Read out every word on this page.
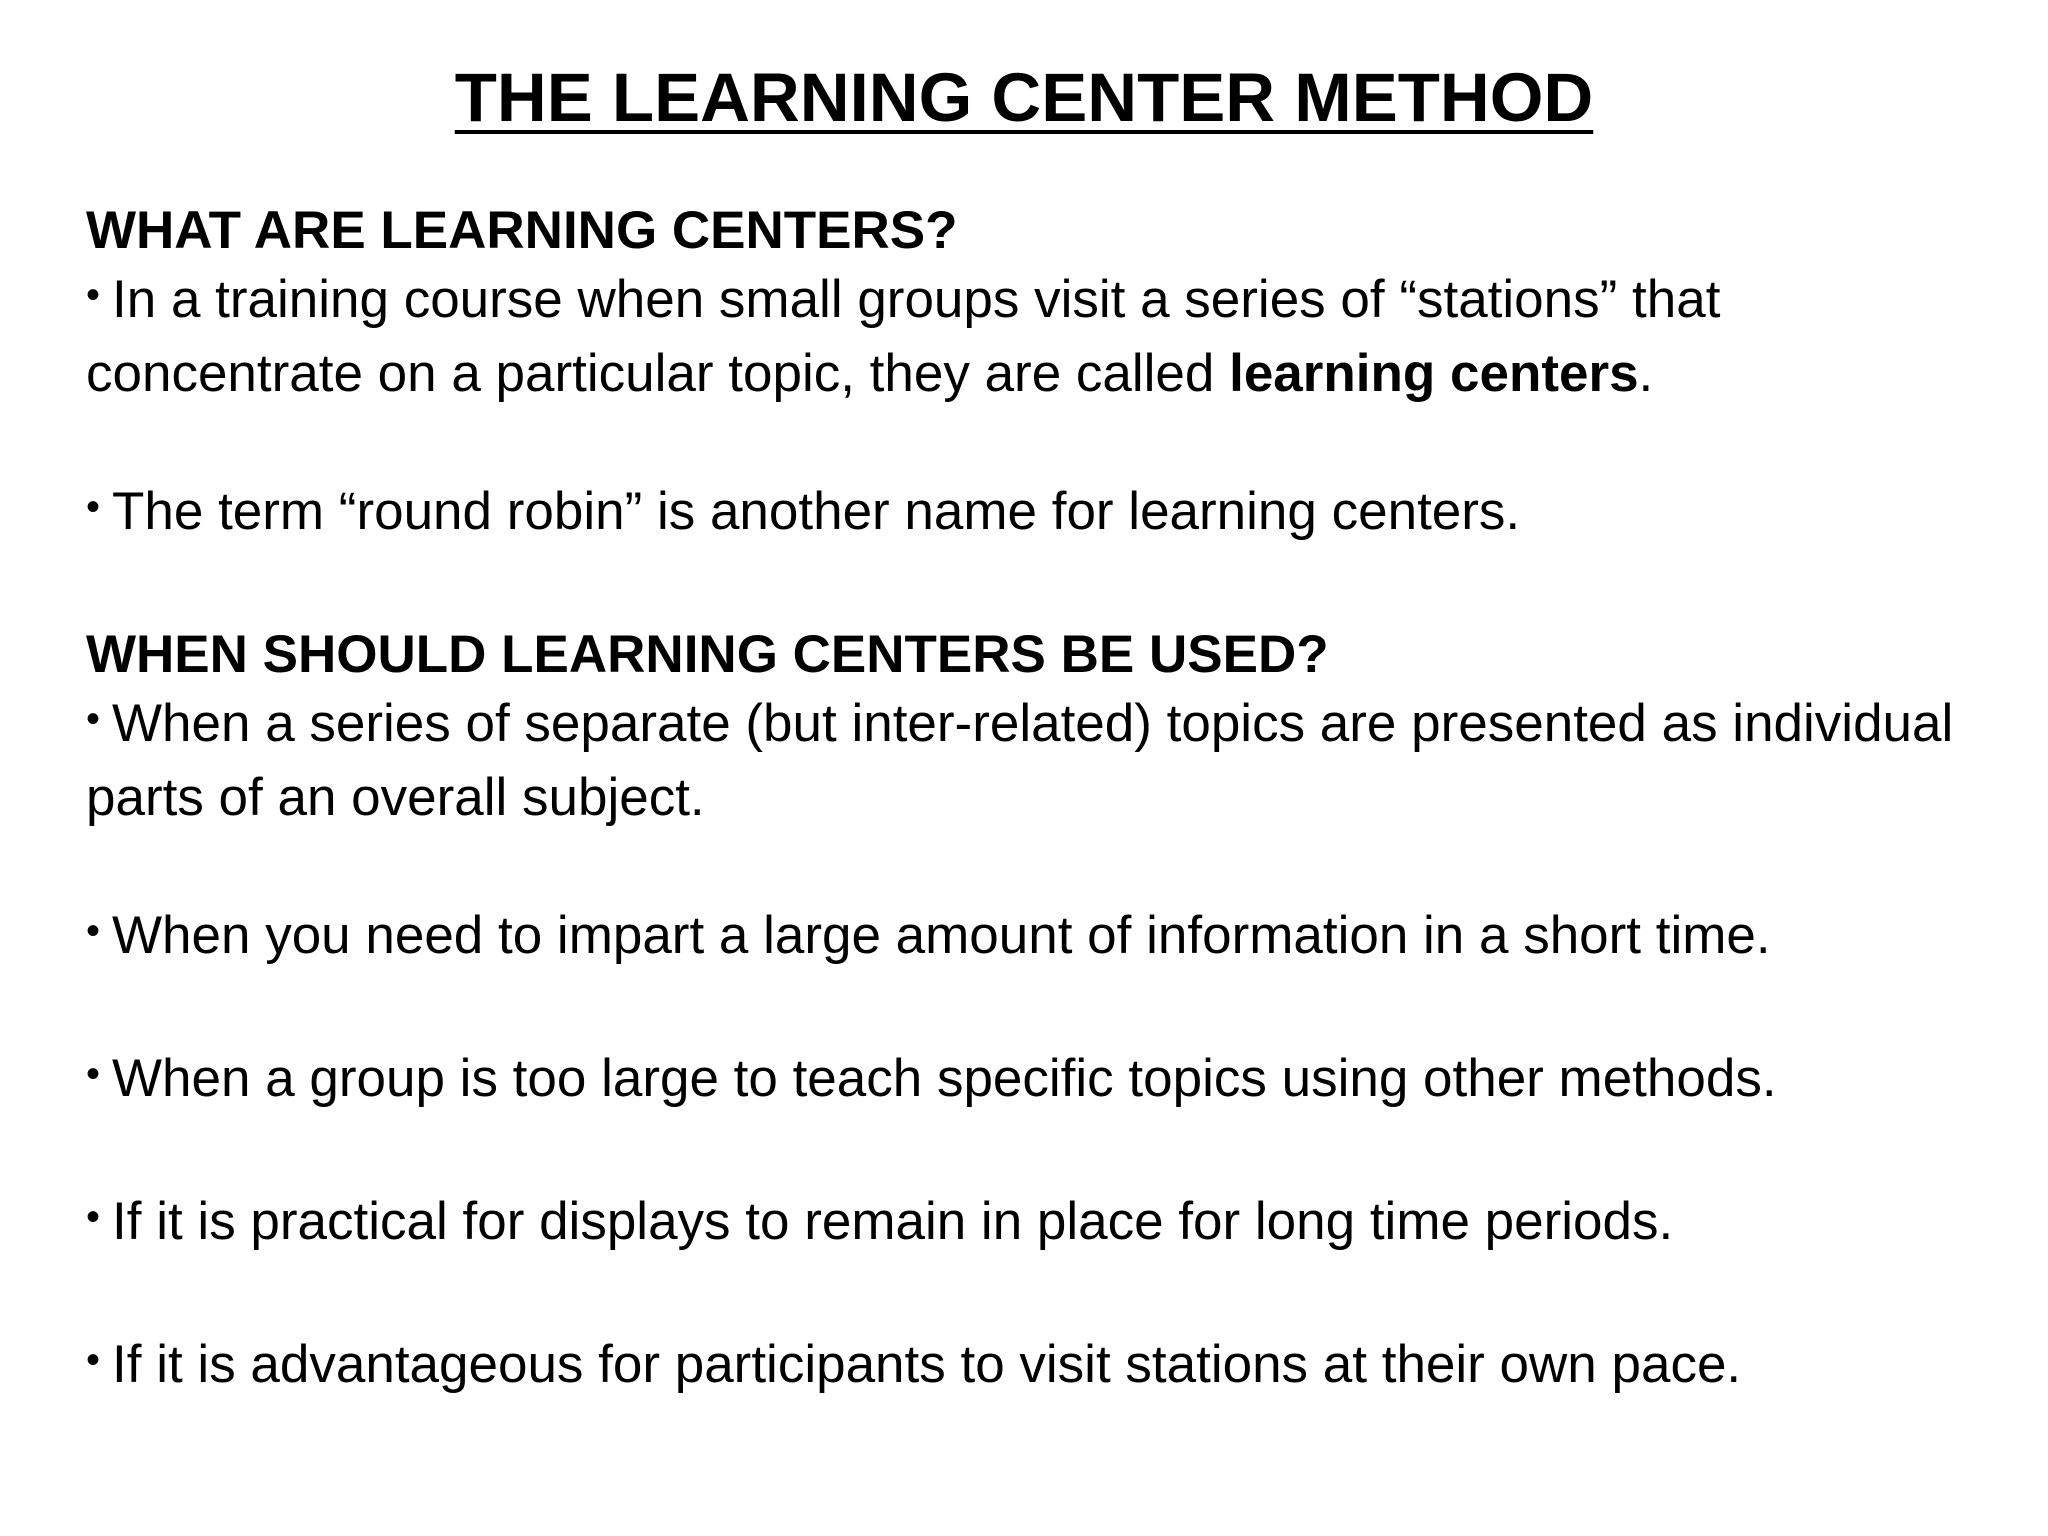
THE LEARNING CENTER METHOD
WHAT ARE LEARNING CENTERS?

• In a training course when small groups visit a series of “stations” that concentrate on a particular topic, they are called learning centers.

• The term “round robin” is another name for learning centers.

WHEN SHOULD LEARNING CENTERS BE USED?

• When a series of separate (but inter-related) topics are presented as individual parts of an overall subject.

• When you need to impart a large amount of information in a short time.

• When a group is too large to teach specific topics using other methods.

• If it is practical for displays to remain in place for long time periods.

• If it is advantageous for participants to visit stations at their own pace.
